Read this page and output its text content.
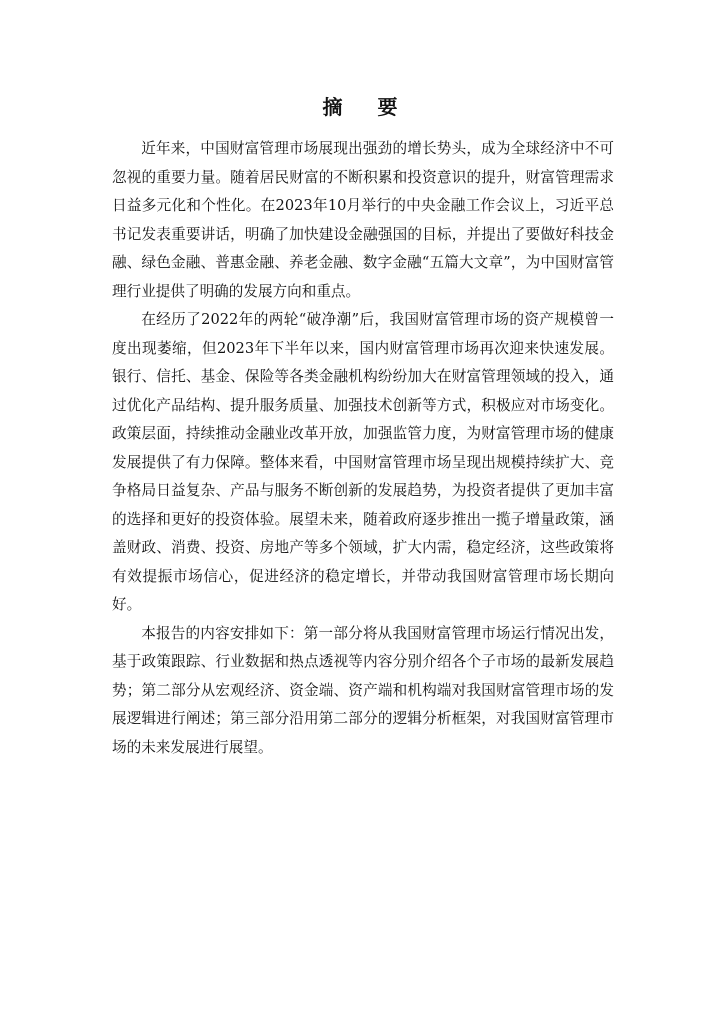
摘 要

近年来，中国财富管理市场展现出强劲的增长势头，成为全球经济中不可忽视的重要力量。随着居民财富的不断积累和投资意识的提升，财富管理需求日益多元化和个性化。在2023年10月举行的中央金融工作会议上，习近平总书记发表重要讲话，明确了加快建设金融强国的目标，并提出了要做好科技金融、绿色金融、普惠金融、养老金融、数字金融“五篇大文章”，为中国财富管理行业提供了明确的发展方向和重点。

在经历了2022年的两轮“破净潮”后，我国财富管理市场的资产规模曾一度出现萎缩，但2023年下半年以来，国内财富管理市场再次迎来快速发展。银行、信托、基金、保险等各类金融机构纷纷加大在财富管理领域的投入，通过优化产品结构、提升服务质量、加强技术创新等方式，积极应对市场变化。政策层面，持续推动金融业改革开放，加强监管力度，为财富管理市场的健康发展提供了有力保障。整体来看，中国财富管理市场呈现出规模持续扩大、竞争格局日益复杂、产品与服务不断创新的发展趋势，为投资者提供了更加丰富的选择和更好的投资体验。展望未来，随着政府逐步推出一揽子增量政策，涵盖财政、消费、投资、房地产等多个领域，扩大内需，稳定经济，这些政策将有效提振市场信心，促进经济的稳定增长，并带动我国财富管理市场长期向好。

本报告的内容安排如下：第一部分将从我国财富管理市场运行情况出发，基于政策跟踪、行业数据和热点透视等内容分别介绍各个子市场的最新发展趋势；第二部分从宏观经济、资金端、资产端和机构端对我国财富管理市场的发展逻辑进行阐述；第三部分沿用第二部分的逻辑分析框架，对我国财富管理市场的未来发展进行展望。
